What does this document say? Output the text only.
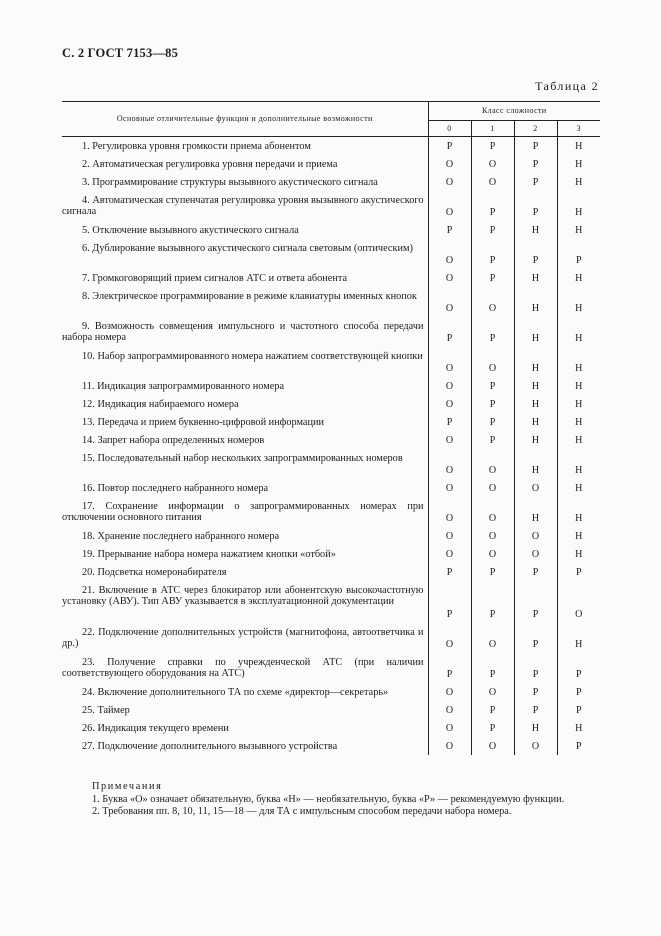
С. 2 ГОСТ 7153—85
Таблица 2
Основные отличительные функции и дополнительные возможности	Класс сложности			
	0	1	2	3
1. Регулировка уровня громкости приема абонентом	Р	Р	Р	Н
2. Автоматическая регулировка уровня передачи и приема	О	О	Р	Н
3. Программирование структуры вызывного акустического сигнала	О	О	Р	Н
4. Автоматическая ступенчатая регулировка уровня вызывного акустического сигнала	О	Р	Р	Н
5. Отключение вызывного акустического сигнала	Р	Р	Н	Н
6. Дублирование вызывного акустического сигнала световым (оптическим)	О	Р	Р	Р
7. Громкоговорящий прием сигналов АТС и ответа абонента	О	Р	Н	Н
8. Электрическое программирование в режиме клавиатуры именных кнопок	О	О	Н	Н
9. Возможность совмещения импульсного и частотного способа передачи набора номера	Р	Р	Н	Н
10. Набор запрограммированного номера нажатием соответствующей кнопки	О	О	Н	Н
11. Индикация запрограммированного номера	О	Р	Н	Н
12. Индикация набираемого номера	О	Р	Н	Н
13. Передача и прием буквенно-цифровой информации	Р	Р	Н	Н
14. Запрет набора определенных номеров	О	Р	Н	Н
15. Последовательный набор нескольких запрограммированных номеров	О	О	Н	Н
16. Повтор последнего набранного номера	О	О	О	Н
17. Сохранение информации о запрограммированных номерах при отключении основного питания	О	О	Н	Н
18. Хранение последнего набранного номера	О	О	О	Н
19. Прерывание набора номера нажатием кнопки «отбой»	О	О	О	Н
20. Подсветка номеронабирателя	Р	Р	Р	Р
21. Включение в АТС через блокиратор или абонентскую высокочастотную установку (АВУ). Тип АВУ указывается в эксплуатационной документации	Р	Р	Р	О
22. Подключение дополнительных устройств (магнитофона, автоответчика и др.)	О	О	Р	Н
23. Получение справки по учрежденческой АТС (при наличии соответствующего оборудования на АТС)	Р	Р	Р	Р
24. Включение дополнительного ТА по схеме «директор—секретарь»	О	О	Р	Р
25. Таймер	О	Р	Р	Р
26. Индикация текущего времени	О	Р	Н	Н
27. Подключение дополнительного вызывного устройства	О	О	О	Р
Примечания
1. Буква «О» означает обязательную, буква «Н» — необязательную, буква «Р» — рекомендуемую функции.
2. Требования пп. 8, 10, 11, 15—18 — для ТА с импульсным способом передачи набора номера.
